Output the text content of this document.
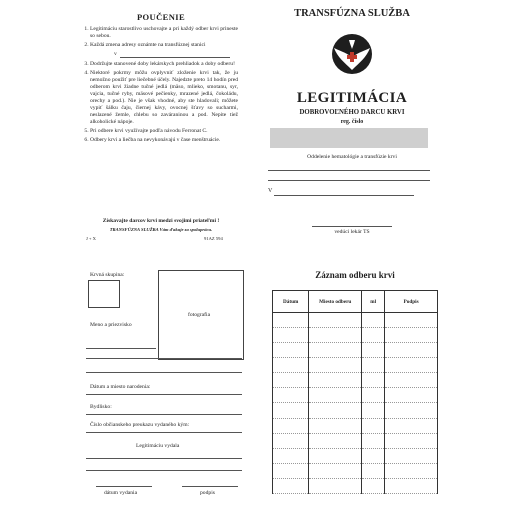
POUČENIE
1. Legitimáciu starostlivo uschovajte a pri každý odber krvi prineste so sebou.
2. Každá zmena adresy oznámte na transfúznej stanici
v
3. Dodržujte stanovené doby lekárskych prehliadok a doby odberu!
4. Niektoré pokrmy môžu ovplyvniť zloženie krvi tak, že ju nemožno použiť pre liečebné účely. Najedzte preto 14 hodín pred odberom krvi žiadne tučné jedlá (mäso, mlieko, smotanu, syr, vajcia, tučné ryby, mäsové pečienky, mrazené jedlá, čokoládu, orechy a pod.). Nie je však vhodné, aby ste hladovali; môžete vypiť šálku čaju, čiernej kávy, ovocnej šťavy so sucharmi, neslazené žemle, chlebu so zaváraninou a pod. Nepite tiež alkoholické nápoje.
5. Pri odbere krvi využívajte podľa návodu Ferronat C.
6. Odbery krvi a liečba na nevykonávajú v čase menštruácie.
Získavajte darcov krvi medzi svojimi priateľmi !
TRANSFÚZNA SLUŽBA Vám ďakuje za spoluprácu.
J + X	91AZ 594
TRANSFÚZNA SLUŽBA
LEGITIMÁCIA
DOBROVOĽNÉHO DARCU KRVI
reg. číslo
Oddelenie hematológie a transfúzie krvi
V
vedúci lekár TS
Krvná skupina:
fotografia
Meno a priezvisko
Dátum a miesto narodenia:
Bydlisko:
Číslo občianskeho preukazu vydaného kým:
Legitimáciu vydala
dátum vydania	podpis
Záznam odberu krvi
Dátum	Miesto odberu	ml	Podpis
